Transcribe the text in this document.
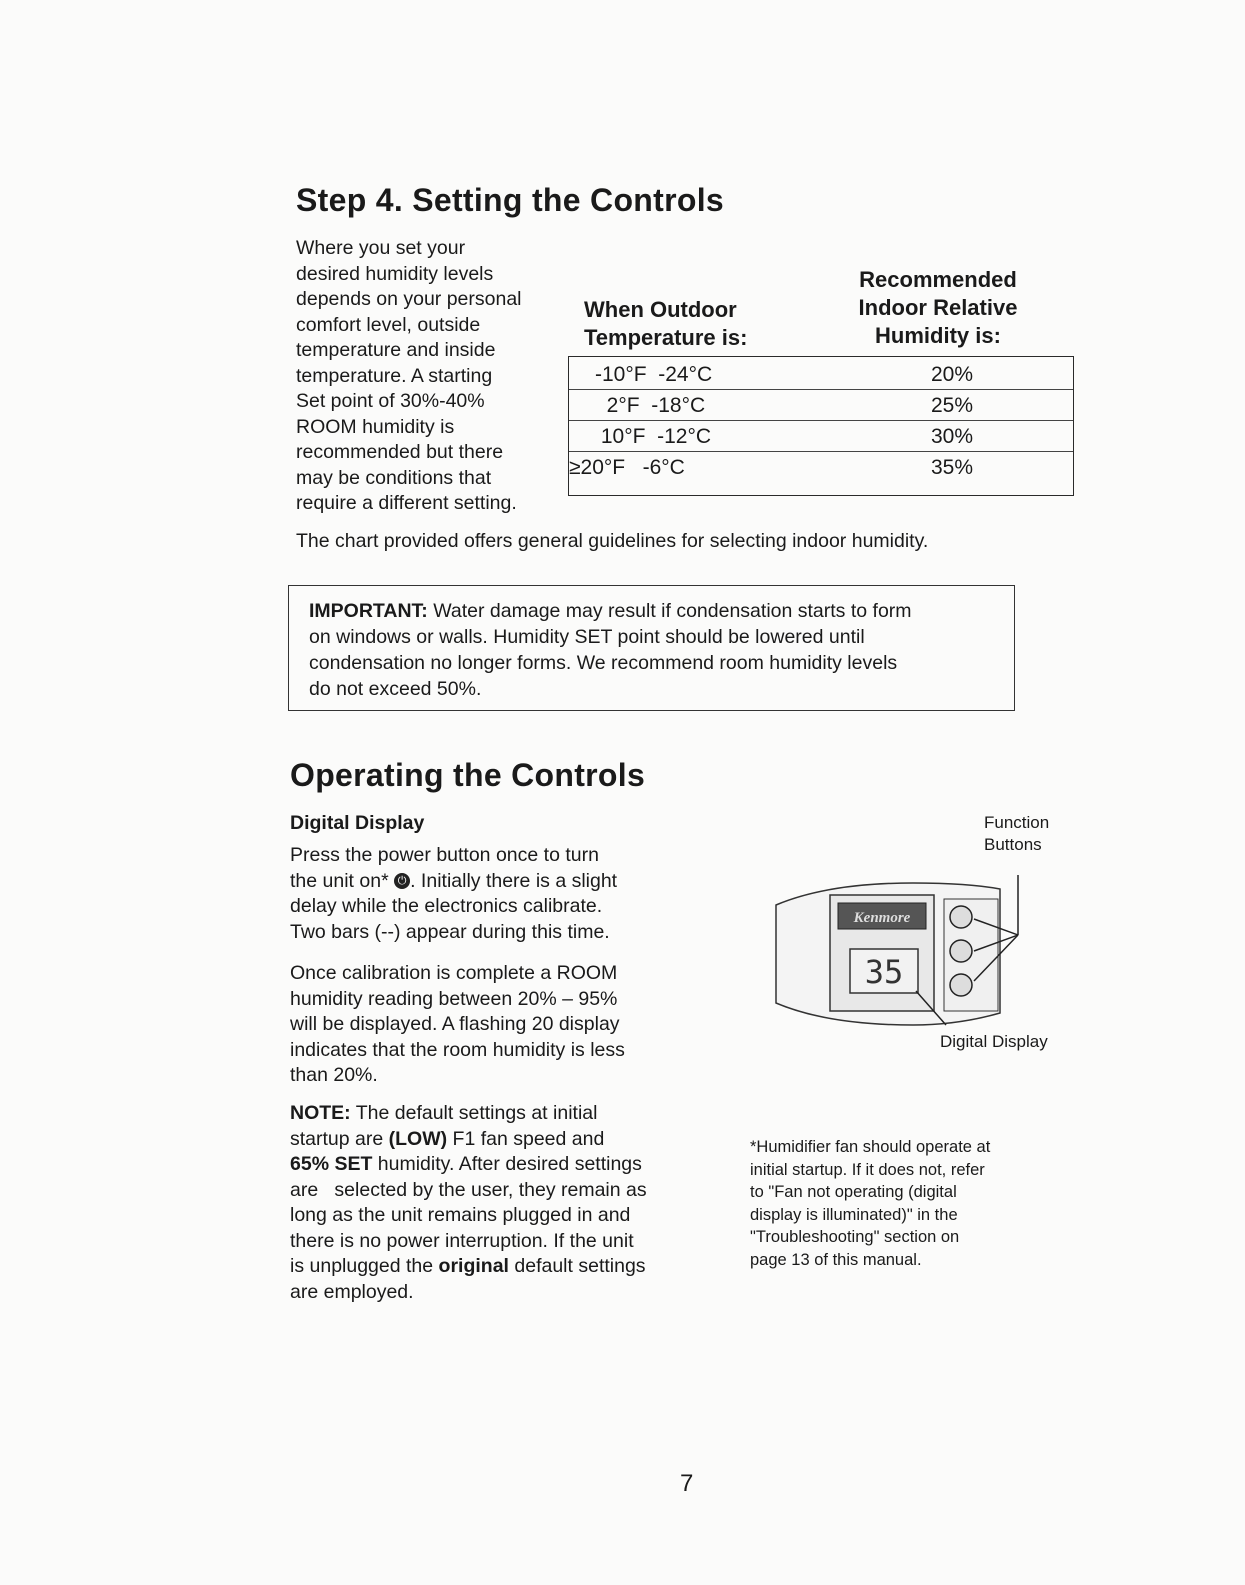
Step 4. Setting the Controls
Where you set your
desired humidity levels
depends on your personal
comfort level, outside
temperature and inside
temperature. A starting
Set point of 30%-40%
ROOM humidity is
recommended but there
may be conditions that
require a different setting.
When Outdoor
Temperature is:
Recommended
Indoor Relative
Humidity is:
-10°F  -24°C	20%
2°F  -18°C	25%
10°F  -12°C	30%
≥20°F   -6°C	35%
The chart provided offers general guidelines for selecting indoor humidity.
IMPORTANT: Water damage may result if condensation starts to form
on windows or walls. Humidity SET point should be lowered until
condensation no longer forms. We recommend room humidity levels
do not exceed 50%.
Operating the Controls
Digital Display
Press the power button once to turn
the unit on* ⏻ . Initially there is a slight
delay while the electronics calibrate.
Two bars (--) appear during this time.
Once calibration is complete a ROOM
humidity reading between 20% – 95%
will be displayed. A flashing 20 display
indicates that the room humidity is less
than 20%.
NOTE: The default settings at initial
startup are (LOW) F1 fan speed and
65% SET humidity. After desired settings
are   selected by the user, they remain as
long as the unit remains plugged in and
there is no power interruption. If the unit
is unplugged the original default settings
are employed.
Function
Buttons
Kenmore
35
Digital Display
*Humidifier fan should operate at
initial startup. If it does not, refer
to "Fan not operating (digital
display is illuminated)" in the
"Troubleshooting" section on
page 13 of this manual.
7
